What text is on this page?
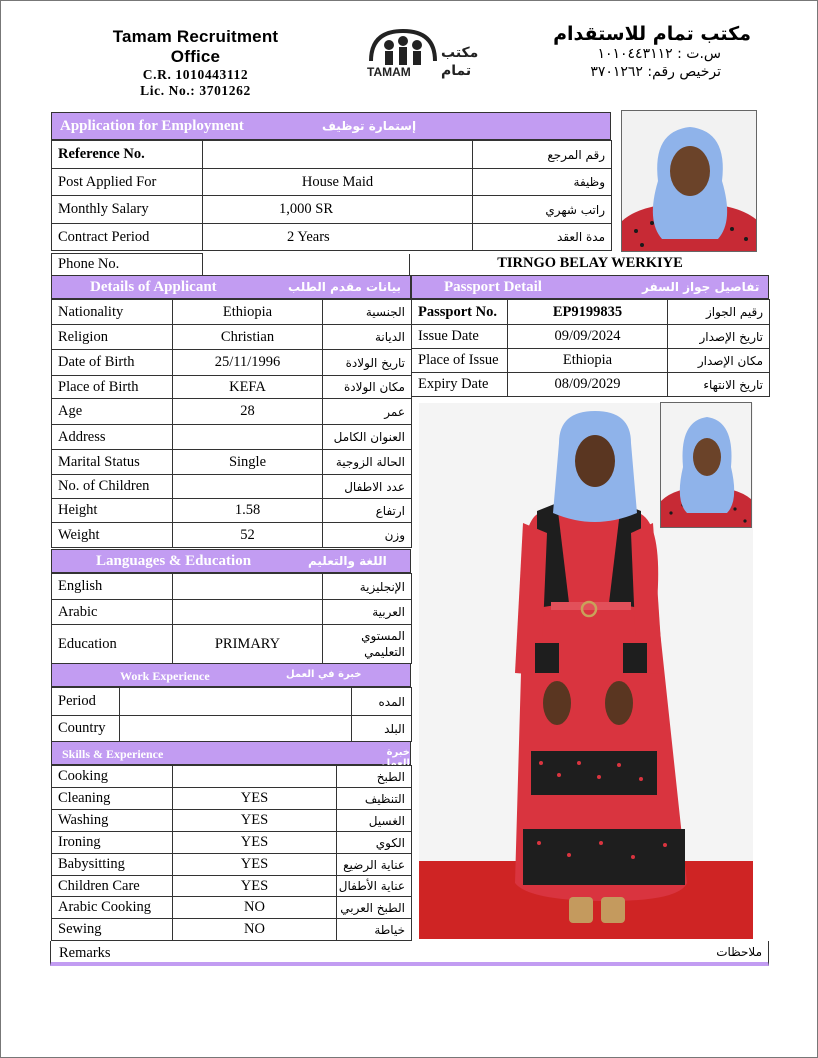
Tamam Recruitment Office
C.R. 1010443112
Lic. No.: 3701262
مكتب
تمام
TAMAM
مكتب تمام للاستقدام
س.ت : ١٠١٠٤٤٣١١٢
ترخيص رقم: ٣٧٠١٢٦٢
Application for Employment	إستمارة توظيف
Reference No.		رقم المرجع
Post Applied For	House Maid	وظيفة
Monthly Salary	1,000 SR	راتب شهري
Contract Period	2 Years	مدة العقد
Phone No.		TIRNGO BELAY WERKIYE
Details of Applicant	بيانات مقدم الطلب
Nationality	Ethiopia	الجنسية
Religion	Christian	الديانة
Date of Birth	25/11/1996	تاريخ الولادة
Place of Birth	KEFA	مكان الولادة
Age	28	عمر
Address		العنوان الكامل
Marital Status	Single	الحالة الزوجية
No. of Children		عدد الاطفال
Height	1.58	ارتفاع
Weight	52	وزن
Passport Detail	تفاصيل جواز السفر
Passport No.	EP9199835	رقيم الجواز
Issue Date	09/09/2024	تاريخ الإصدار
Place of Issue	Ethiopia	مكان الإصدار
Expiry Date	08/09/2029	تاريخ الانتهاء
Languages & Education	اللغة والتعليم
English		الإنجليزية
Arabic		العربية
Education	PRIMARY	المستوي التعليمي
Work Experience	خبرة في العمل
Period		المده
Country		البلد
Skills & Experience	خبرة العمل
Cooking		الطبخ
Cleaning	YES	التنظيف
Washing	YES	الغسيل
Ironing	YES	الكوي
Babysitting	YES	عناية الرضيع
Children Care	YES	عناية الأطفال
Arabic Cooking	NO	الطبخ العربي
Sewing	NO	خياطة
Remarks	ملاحظات
